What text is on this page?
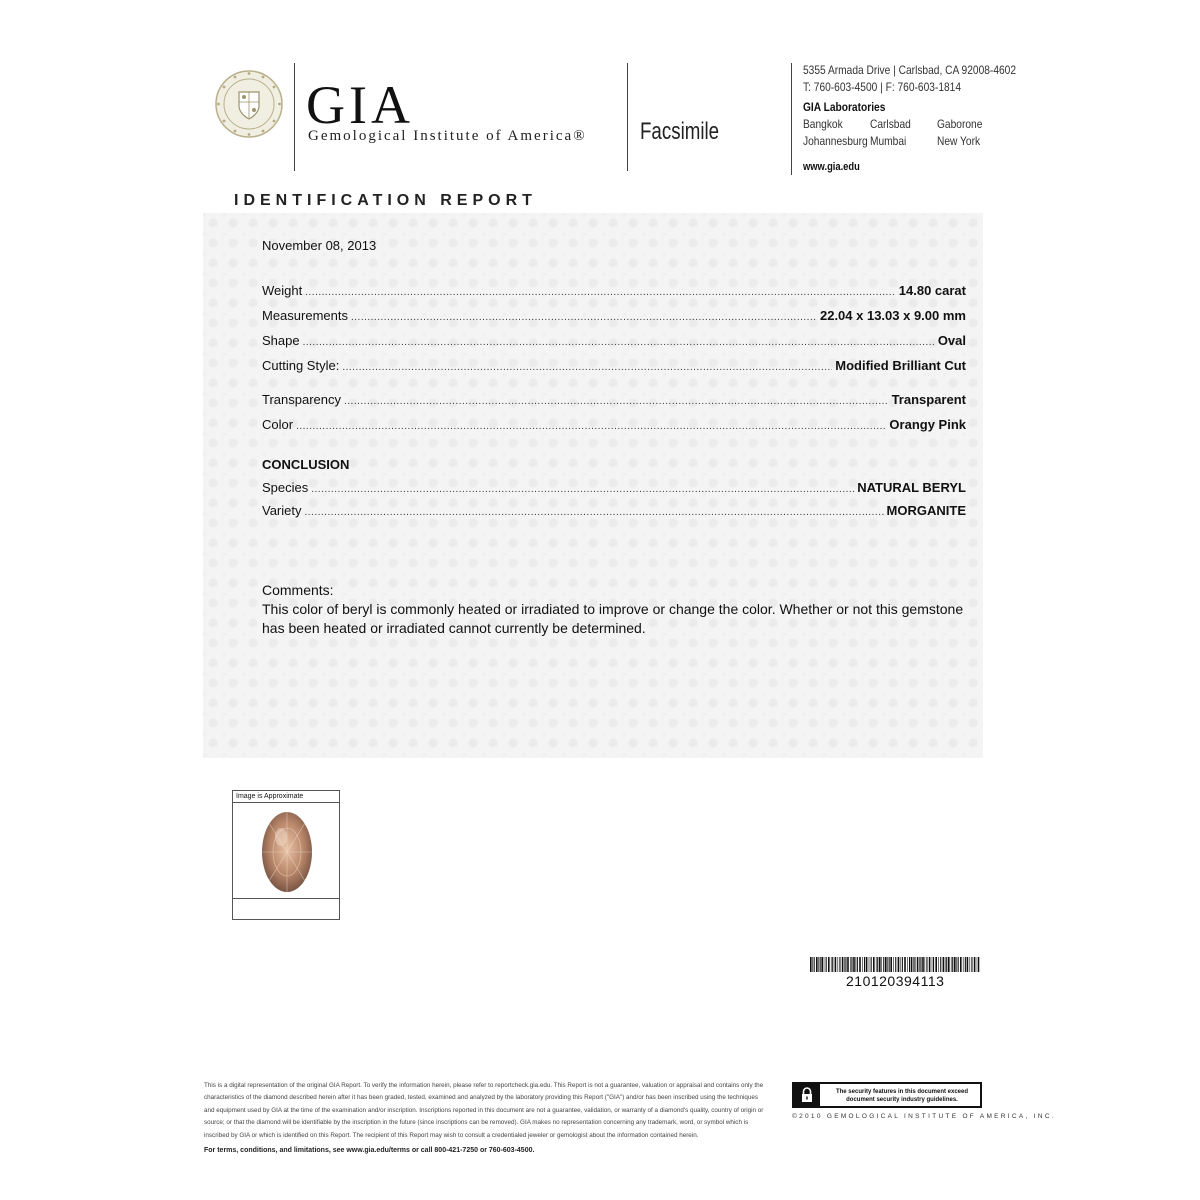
GIA
Gemological Institute of America® Facsimile
5355 Armada Drive | Carlsbad, CA 92008-4602
T: 760-603-4500 | F: 760-603-1814
GIA Laboratories
Bangkok Carlsbad Gaborone
Johannesburg Mumbai	New York
www.gia.edu
IDENTIFICATION REPORT
November 08, 2013
Weight .....	14.80 carat
Measurements .....	22.04 x 13.03 x 9.00 mm
Shape .....	Oval
Cutting Style: .....	Modified Brilliant Cut
Transparency .....	Transparent
Color .....	Orangy Pink
CONCLUSION
Species .....	NATURAL BERYL
Variety .....	MORGANITE
Comments:
This color of beryl is commonly heated or irradiated to improve or change the color. Whether or not this gemstone has been heated or irradiated cannot currently be determined.
Image is Approximate
210120394113
This is a digital representation of the original GIA Report. To verify the information herein, please refer to reportcheck.gia.edu. This Report is not a guarantee, valuation or appraisal and contains only the characteristics of the diamond described herein after it has been graded, tested, examined and analyzed by the laboratory providing this Report ("GIA") and/or has been inscribed using the techniques and equipment used by GIA at the time of the examination and/or inscription. Inscriptions reported in this document are not a guarantee, validation, or warranty of a diamond's quality, country of origin or source; or that the diamond will be identifiable by the inscription in the future (since inscriptions can be removed). GIA makes no representation concerning any trademark, word, or symbol which is inscribed by GIA or which is identified on this Report. The recipient of this Report may wish to consult a credentialed jeweler or gemologist about the information contained herein.
For terms, conditions, and limitations, see www.gia.edu/terms or call 800-421-7250 or 760-603-4500.
The security features in this document exceed document security industry guidelines.
©2010 GEMOLOGICAL INSTITUTE OF AMERICA, INC.
